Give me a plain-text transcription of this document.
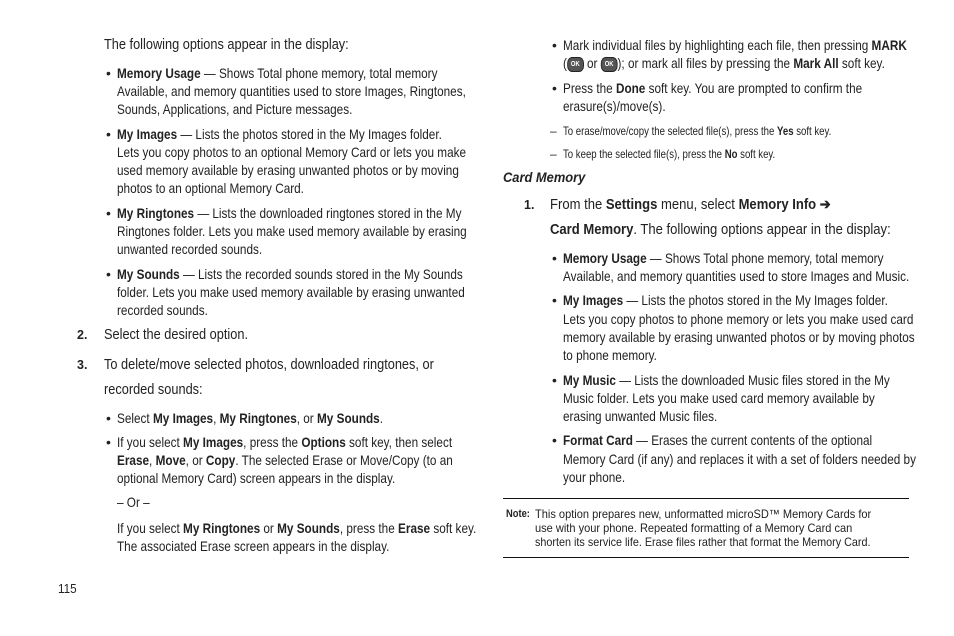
The following options appear in the display:
• Memory Usage — Shows Total phone memory, total memory
Available, and memory quantities used to store Images, Ringtones,
Sounds, Applications, and Picture messages.
• My Images — Lists the photos stored in the My Images folder.
Lets you copy photos to an optional Memory Card or lets you make
used memory available by erasing unwanted photos or by moving
photos to an optional Memory Card.
• My Ringtones — Lists the downloaded ringtones stored in the My
Ringtones folder. Lets you make used memory available by erasing
unwanted recorded sounds.
• My Sounds — Lists the recorded sounds stored in the My Sounds
folder. Lets you make used memory available by erasing unwanted
recorded sounds.
2. Select the desired option.
3. To delete/move selected photos, downloaded ringtones, or
recorded sounds:
• Select My Images, My Ringtones, or My Sounds.
• If you select My Images, press the Options soft key, then select
Erase, Move, or Copy. The selected Erase or Move/Copy (to an
optional Memory Card) screen appears in the display.
– Or –
If you select My Ringtones or My Sounds, press the Erase soft key.
The associated Erase screen appears in the display.
115
• Mark individual files by highlighting each file, then pressing MARK
( OK or OK ); or mark all files by pressing the Mark All soft key.
• Press the Done soft key. You are prompted to confirm the
erasure(s)/move(s).
– To erase/move/copy the selected file(s), press the Yes soft key.
– To keep the selected file(s), press the No soft key.
Card Memory
1. From the Settings menu, select Memory Info ➔
Card Memory. The following options appear in the display:
• Memory Usage — Shows Total phone memory, total memory
Available, and memory quantities used to store Images and Music.
• My Images — Lists the photos stored in the My Images folder.
Lets you copy photos to phone memory or lets you make used card
memory available by erasing unwanted photos or by moving photos
to phone memory.
• My Music — Lists the downloaded Music files stored in the My
Music folder. Lets you make used card memory available by
erasing unwanted Music files.
• Format Card — Erases the current contents of the optional
Memory Card (if any) and replaces it with a set of folders needed by
your phone.
Note: This option prepares new, unformatted microSD™ Memory Cards for
use with your phone. Repeated formatting of a Memory Card can
shorten its service life. Erase files rather that format the Memory Card.
